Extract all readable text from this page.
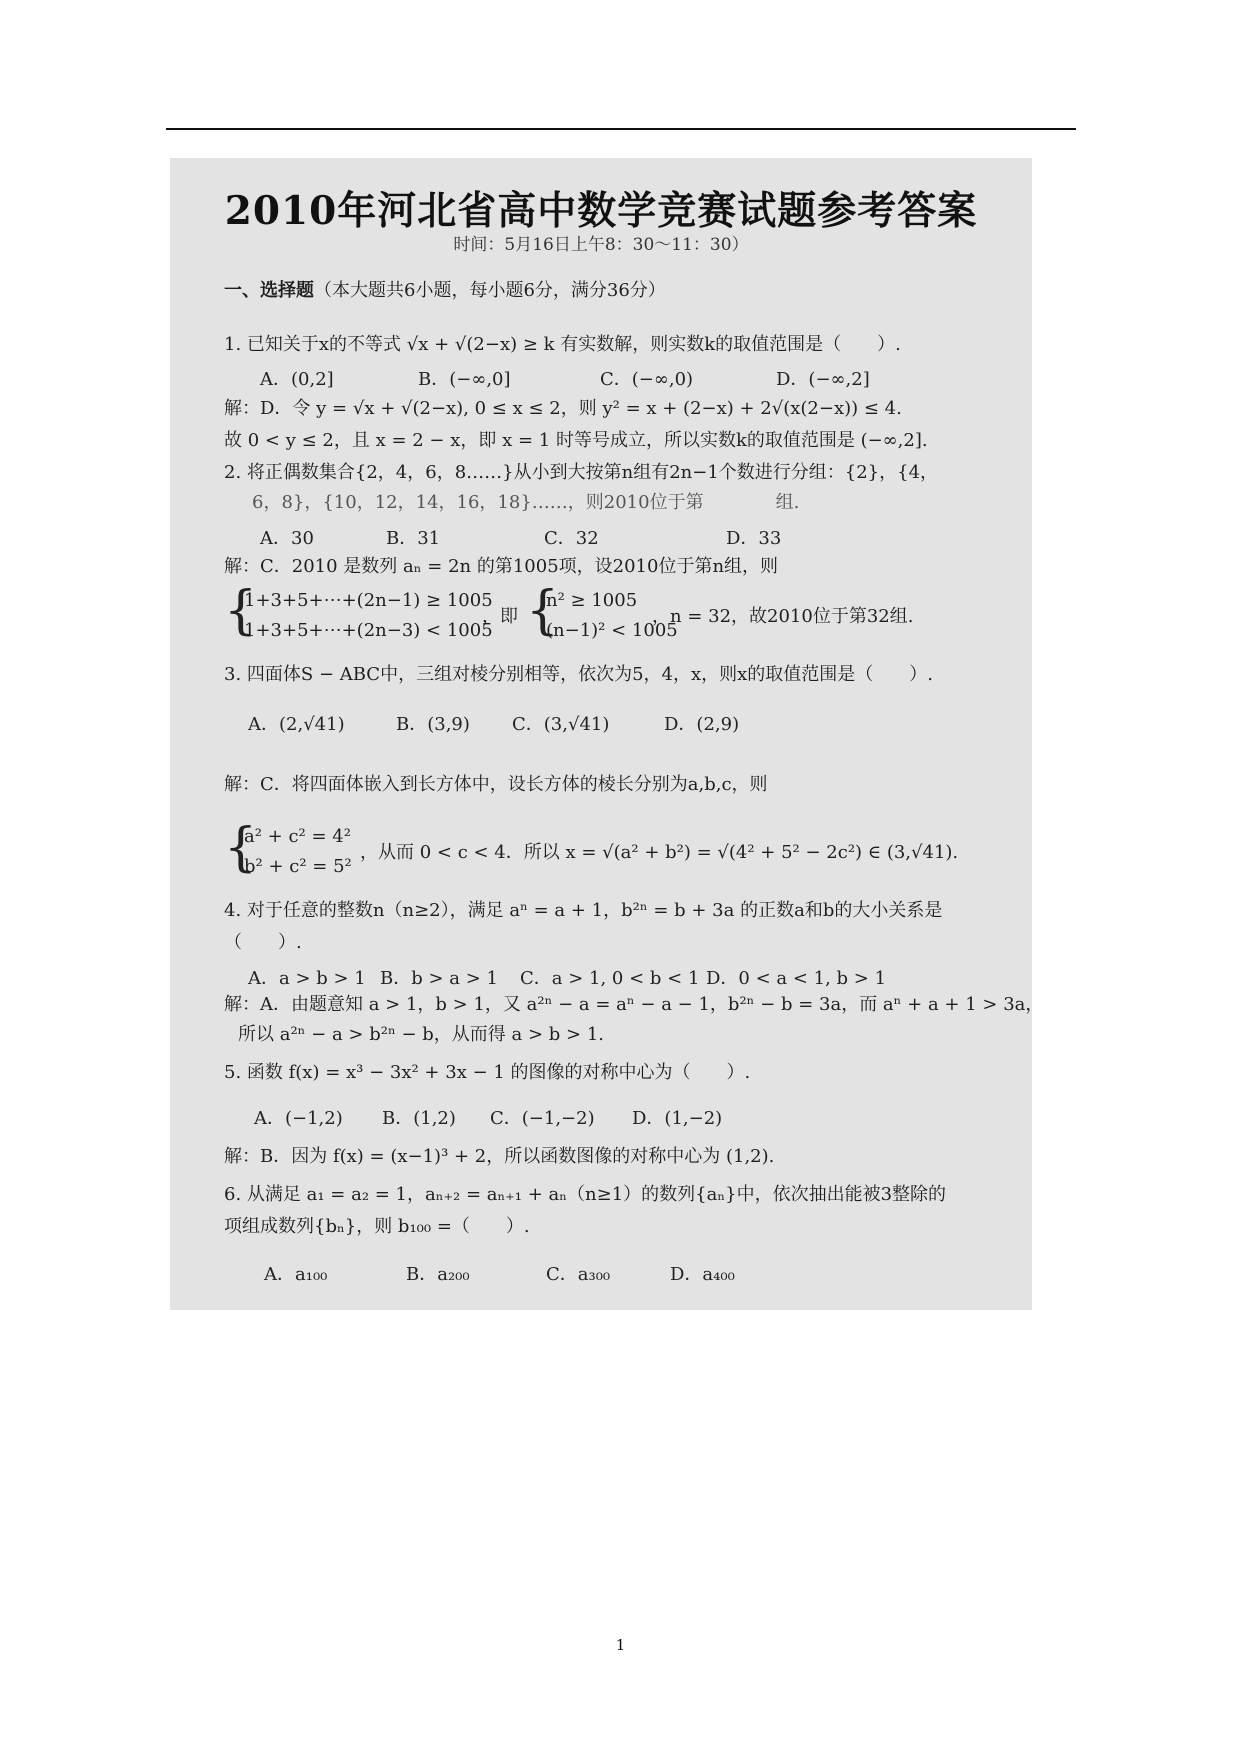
2010年河北省高中数学竞赛试题参考答案
时间：5月16日上午8：30～11：30）
一、选择题（本大题共6小题，每小题6分，满分36分）
1. 已知关于x的不等式 √x + √(2−x) ≥ k 有实数解，则实数k的取值范围是（　　）.
A．(0,2]	B．(−∞,0]	C．(−∞,0)	D．(−∞,2]
解：D．令 y = √x + √(2−x), 0 ≤ x ≤ 2，则 y² = x + (2−x) + 2√(x(2−x)) ≤ 4.
故 0 < y ≤ 2，且 x = 2 − x，即 x = 1 时等号成立，所以实数k的取值范围是 (−∞,2].
2. 将正偶数集合{2，4，6，8……}从小到大按第n组有2n−1个数进行分组：{2}，{4，
6，8}，{10，12，14，16，18}……，则2010位于第　　　　组.
A．30	B．31	C．32	D．33
解：C．2010 是数列 aₙ = 2n 的第1005项，设2010位于第n组，则
{
1+3+5+⋯+(2n−1) ≥ 1005
1+3+5+⋯+(2n−3) < 1005
，即 {
n² ≥ 1005
(n−1)² < 1005
，n = 32，故2010位于第32组.
3. 四面体S − ABC中，三组对棱分别相等，依次为5，4，x，则x的取值范围是（　　）.
A．(2,√41)	B．(3,9) C．(3,√41)	D．(2,9)
解：C．将四面体嵌入到长方体中，设长方体的棱长分别为a,b,c，则
{
a² + c² = 4²
b² + c² = 5²
，从而 0 < c < 4．所以 x = √(a² + b²) = √(4² + 5² − 2c²) ∈ (3,√41).
4. 对于任意的整数n（n≥2），满足 aⁿ = a + 1，b²ⁿ = b + 3a 的正数a和b的大小关系是
（　　）.
A．a > b > 1 B．b > a > 1 C．a > 1, 0 < b < 1 D．0 < a < 1, b > 1
解：A．由题意知 a > 1，b > 1，又 a²ⁿ − a = aⁿ − a − 1，b²ⁿ − b = 3a，而 aⁿ + a + 1 > 3a，
所以 a²ⁿ − a > b²ⁿ − b，从而得 a > b > 1.
5. 函数 f(x) = x³ − 3x² + 3x − 1 的图像的对称中心为（　　）.
A．(−1,2) B．(1,2) C．(−1,−2) D．(1,−2)
解：B．因为 f(x) = (x−1)³ + 2，所以函数图像的对称中心为 (1,2).
6. 从满足 a₁ = a₂ = 1，aₙ₊₂ = aₙ₊₁ + aₙ（n≥1）的数列{aₙ}中，依次抽出能被3整除的
项组成数列{bₙ}，则 b₁₀₀ =（　　）.
A．a₁₀₀	B．a₂₀₀	C．a₃₀₀	D．a₄₀₀
1
